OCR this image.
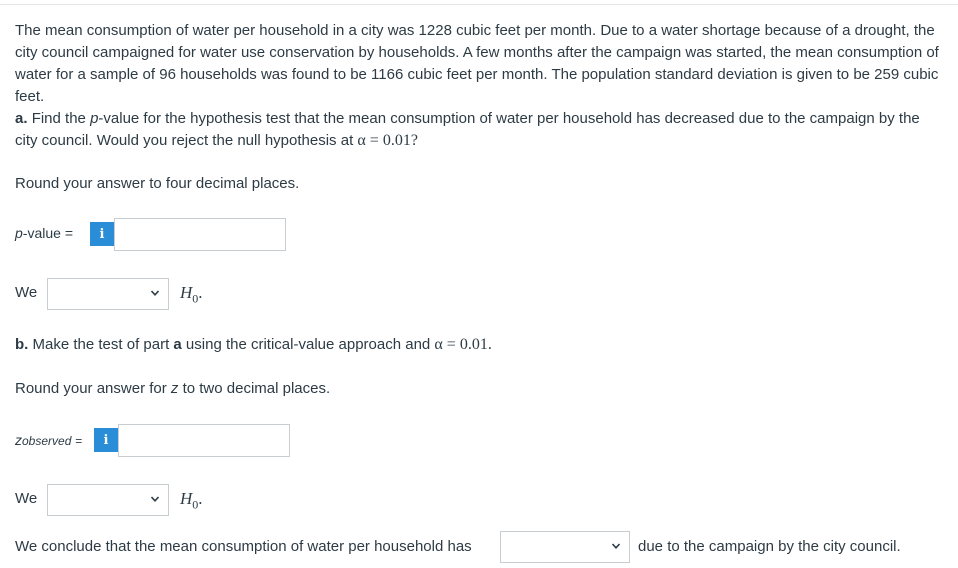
The mean consumption of water per household in a city was 1228 cubic feet per month. Due to a water shortage because of a drought, the city council campaigned for water use conservation by households. A few months after the campaign was started, the mean consumption of water for a sample of 96 households was found to be 1166 cubic feet per month. The population standard deviation is given to be 259 cubic feet.

a. Find the p-value for the hypothesis test that the mean consumption of water per household has decreased due to the campaign by the city council. Would you reject the null hypothesis at α = 0.01?

Round your answer to four decimal places.
p-value =	i
We	$H_0$.
b. Make the test of part a using the critical-value approach and α = 0.01.
Round your answer for z to two decimal places.
zobserved =	i
We	$H_0$.
We conclude that the mean consumption of water per household has	due to the campaign by the city council.
